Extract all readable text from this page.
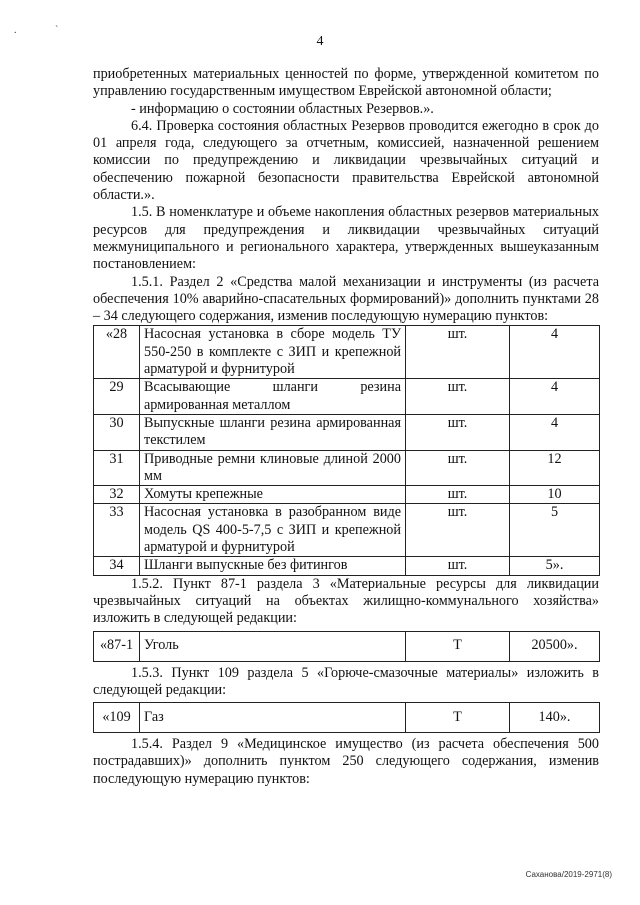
. `
4

приобретенных материальных ценностей по форме, утвержденной комитетом по управлению государственным имуществом Еврейской автономной области;

- информацию о состоянии областных Резервов.».

6.4. Проверка состояния областных Резервов проводится ежегодно в срок до 01 апреля года, следующего за отчетным, комиссией, назначенной решением комиссии по предупреждению и ликвидации чрезвычайных ситуаций и обеспечению пожарной безопасности правительства Еврейской автономной области.».

1.5. В номенклатуре и объеме накопления областных резервов материальных ресурсов для предупреждения и ликвидации чрезвычайных ситуаций межмуниципального и регионального характера, утвержденных вышеуказанным постановлением:

1.5.1. Раздел 2 «Средства малой механизации и инструменты (из расчета обеспечения 10% аварийно-спасательных формирований)» дополнить пунктами 28 – 34 следующего содержания, изменив последующую нумерацию пунктов:

«28	Насосная установка в сборе модель ТУ 550-250 в комплекте с ЗИП и крепежной арматурой и фурнитурой	шт.	4
29	Всасывающие шланги резина армированная металлом	шт.	4
30	Выпускные шланги резина армированная текстилем	шт.	4
31	Приводные ремни клиновые длиной 2000 мм	шт.	12
32	Хомуты крепежные	шт.	10
33	Насосная установка в разобранном виде модель QS 400-5-7,5 с ЗИП и крепежной арматурой и фурнитурой	шт.	5
34	Шланги выпускные без фитингов	шт.	5».

1.5.2. Пункт 87-1 раздела 3 «Материальные ресурсы для ликвидации чрезвычайных ситуаций на объектах жилищно-коммунального хозяйства» изложить в следующей редакции:

«87-1	Уголь	Т	20500».

1.5.3. Пункт 109 раздела 5 «Горюче-смазочные материалы» изложить в следующей редакции:

«109	Газ	Т	140».

1.5.4. Раздел 9 «Медицинское имущество (из расчета обеспечения 500 пострадавших)» дополнить пунктом 250 следующего содержания, изменив последующую нумерацию пунктов:

Саханова/2019-2971(8)
